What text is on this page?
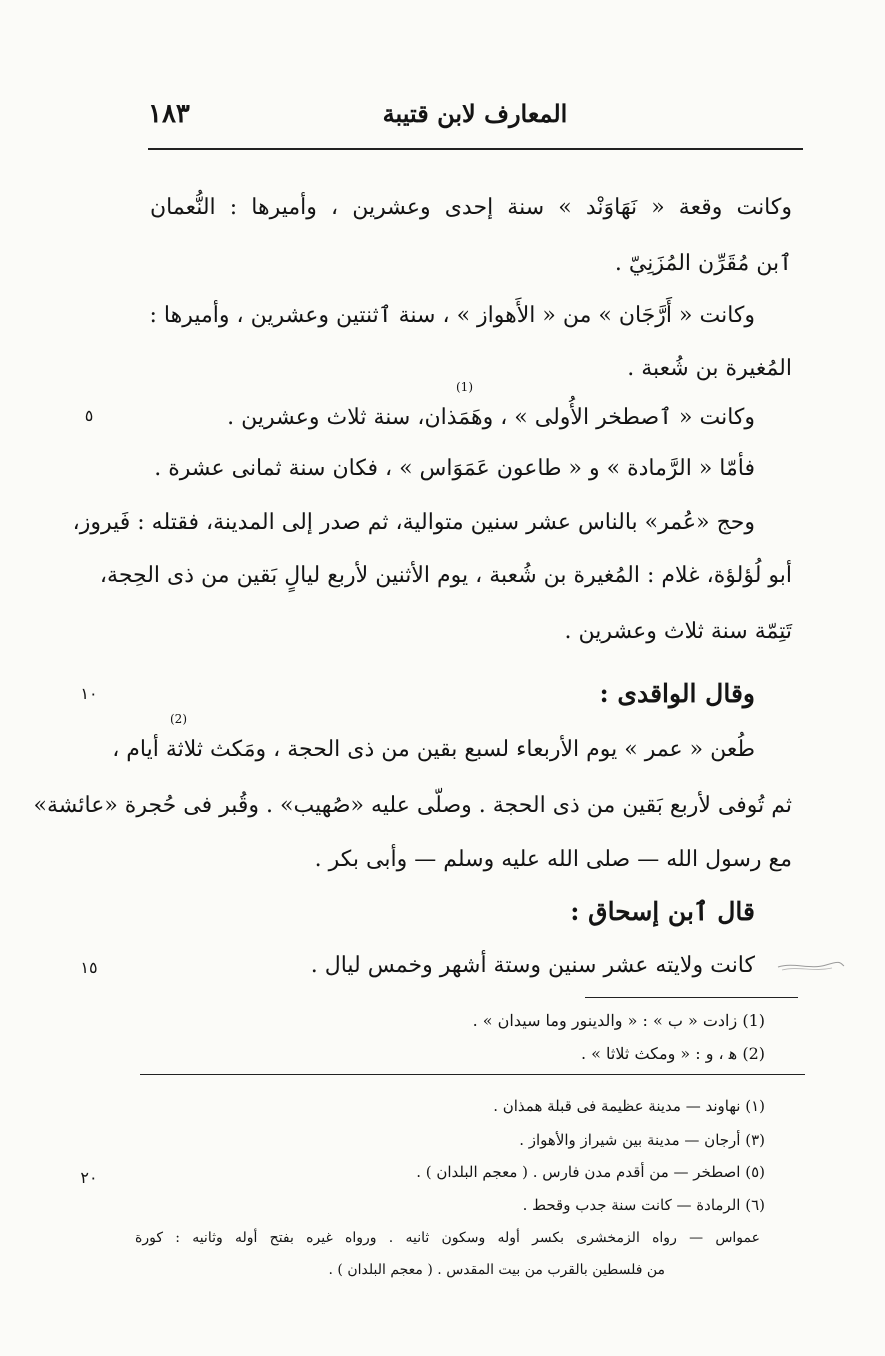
المعارف لابن قتيبة
١٨٣
وكانت وقعة « نَهَاوَنْد » سنة إحدى وعشرين ، وأميرها : النُّعمان
ٱبن مُقَرِّن المُزَنِيّ .
وكانت « أَرَّجَان » من « الأَهواز » ، سنة ٱثنتين وعشرين ، وأميرها :
المُغيرة بن شُعبة .
وكانت « ٱصطخر الأُولى » ، وهَمَذان، سنة ثلاث وعشرين .
فأمّا « الرَّمادة » و « طاعون عَمَوَاس » ، فكان سنة ثمانى عشرة .
وحج «عُمر» بالناس عشر سنين متوالية، ثم صدر إلى المدينة، فقتله : فَيروز،
أبو لُؤلؤة، غلام : المُغيرة بن شُعبة ، يوم الأثنين لأربع ليالٍ بَقين من ذى الحِجة،
تَتِمّة سنة ثلاث وعشرين .
وقال الواقدى :
طُعن « عمر » يوم الأربعاء لسبع بقين من ذى الحجة ، ومَكث ثلاثة أيام ،
ثم تُوفى لأربع بَقين من ذى الحجة . وصلّى عليه «صُهيب» . وقُبر فى حُجرة «عائشة»
مع رسول الله — صلى الله عليه وسلم — وأبى بكر .
قال ٱبن إسحاق :
كانت ولايته عشر سنين وستة أشهر وخمس ليال .
(1)
(2)
٥
١٠
١٥
٢٠
(1) زادت « ب » : « والدينور وما سيدان » .
(2) ﻫ ، و : « ومكث ثلاثا » .
(١) نهاوند — مدينة عظيمة فى قبلة همذان .
(٣) أرجان — مدينة بين شيراز والأهواز .
(٥) اصطخر — من أقدم مدن فارس . ( معجم البلدان ) .
(٦) الرمادة — كانت سنة جدب وقحط .
عمواس — رواه الزمخشرى بكسر أوله وسكون ثانيه . ورواه غيره بفتح أوله وثانيه : كورة
من فلسطين بالقرب من بيت المقدس . ( معجم البلدان ) .
